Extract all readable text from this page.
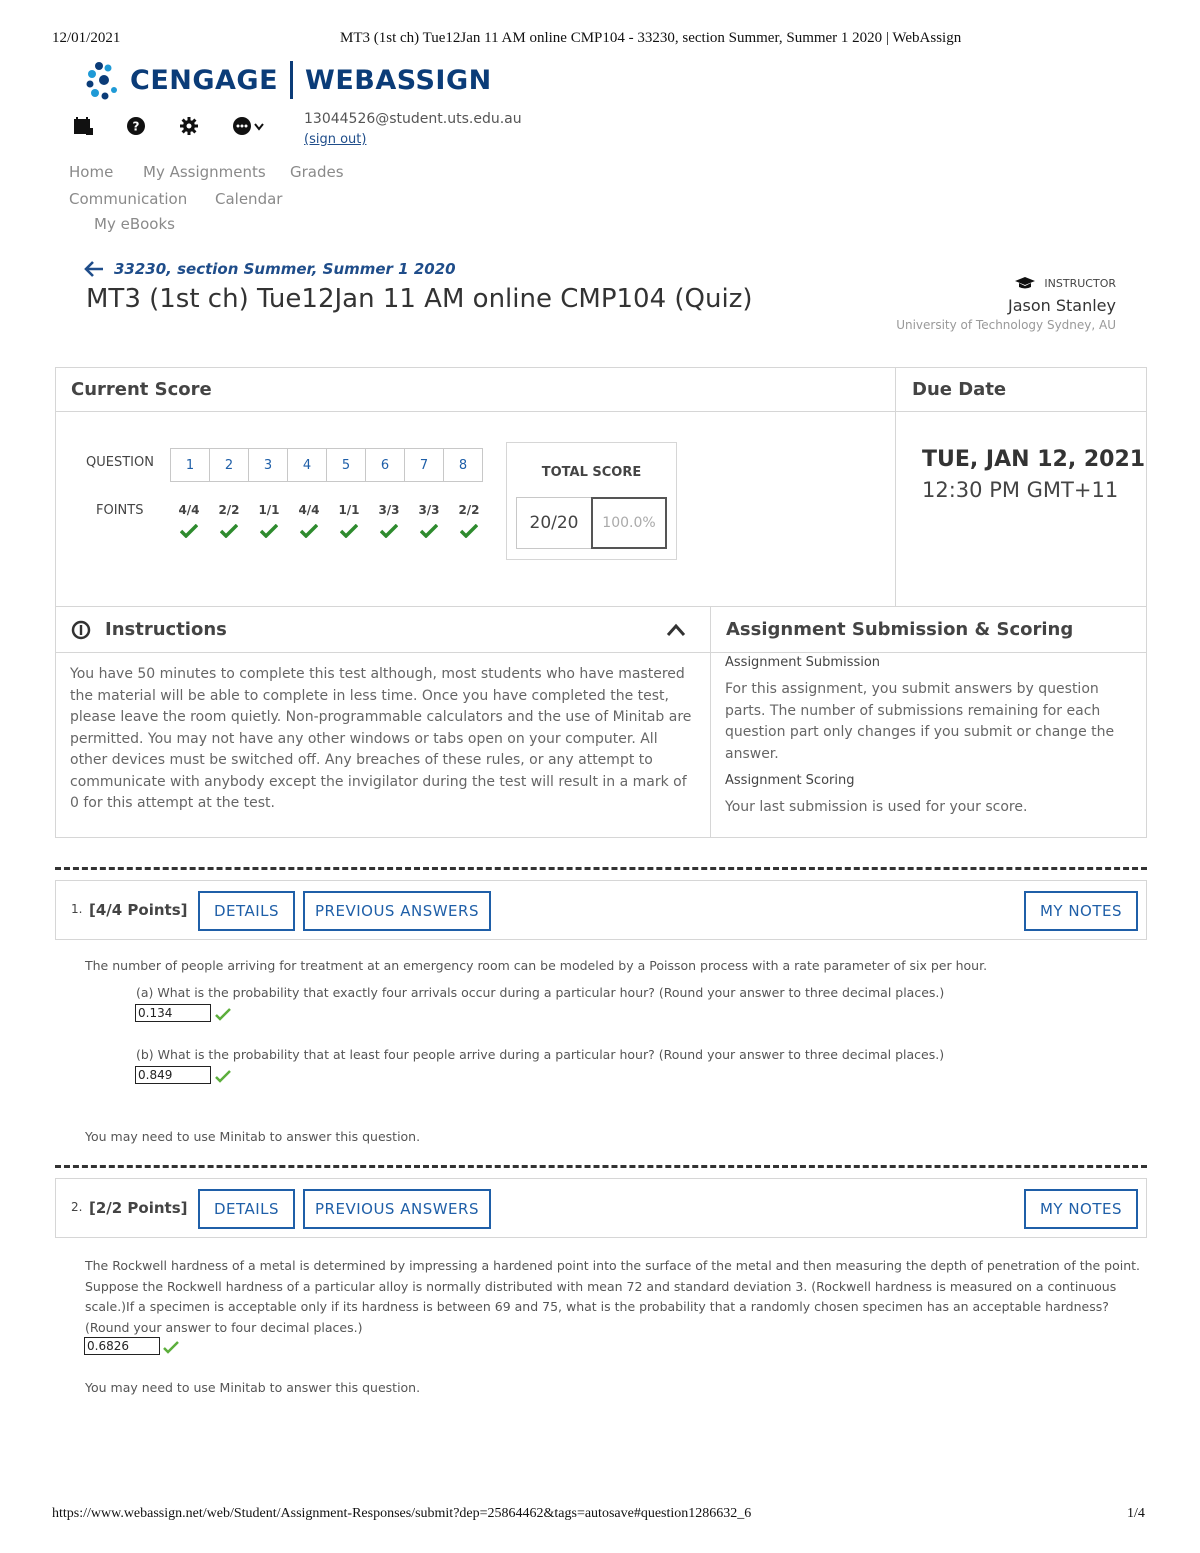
12/01/2021	MT3 (1st ch) Tue12Jan 11 AM online CMP104 - 33230, section Summer, Summer 1 2020 | WebAssign
CENGAGE WEBASSIGN
?	13044526@student.uts.edu.au
(sign out)
Home My Assignments Grades
Communication Calendar
My eBooks
33230, section Summer, Summer 1 2020
MT3 (1st ch) Tue12Jan 11 AM online CMP104 (Quiz)
INSTRUCTOR
Jason Stanley
University of Technology Sydney, AU
Current Score	Due Date
QUESTION
FOINTS
1	2	3	4	5	6	7	8
4/4	2/2	1/1	4/4	1/1	3/3	3/3	2/2
TOTAL SCORE
20/20	100.0%
TUE, JAN 12, 2021
12:30 PM GMT+11
Instructions
You have 50 minutes to complete this test although, most students who have mastered the material will be able to complete in less time. Once you have completed the test, please leave the room quietly. Non-programmable calculators and the use of Minitab are permitted. You may not have any other windows or tabs open on your computer. All other devices must be switched off. Any breaches of these rules, or any attempt to communicate with anybody except the invigilator during the test will result in a mark of 0 for this attempt at the test.
Assignment Submission & Scoring
Assignment Submission
For this assignment, you submit answers by question parts. The number of submissions remaining for each question part only changes if you submit or change the answer.
Assignment Scoring
Your last submission is used for your score.
1. [4/4 Points]	DETAILS	PREVIOUS ANSWERS	MY NOTES
The number of people arriving for treatment at an emergency room can be modeled by a Poisson process with a rate parameter of six per hour.
(a) What is the probability that exactly four arrivals occur during a particular hour? (Round your answer to three decimal places.)
0.134
(b) What is the probability that at least four people arrive during a particular hour? (Round your answer to three decimal places.)
0.849
You may need to use Minitab to answer this question.
2. [2/2 Points]	DETAILS	PREVIOUS ANSWERS	MY NOTES
The Rockwell hardness of a metal is determined by impressing a hardened point into the surface of the metal and then measuring the depth of penetration of the point. Suppose the Rockwell hardness of a particular alloy is normally distributed with mean 72 and standard deviation 3. (Rockwell hardness is measured on a continuous scale.)If a specimen is acceptable only if its hardness is between 69 and 75, what is the probability that a randomly chosen specimen has an acceptable hardness? (Round your answer to four decimal places.)
0.6826
You may need to use Minitab to answer this question.
https://www.webassign.net/web/Student/Assignment-Responses/submit?dep=25864462&tags=autosave#question1286632_6	1/4
